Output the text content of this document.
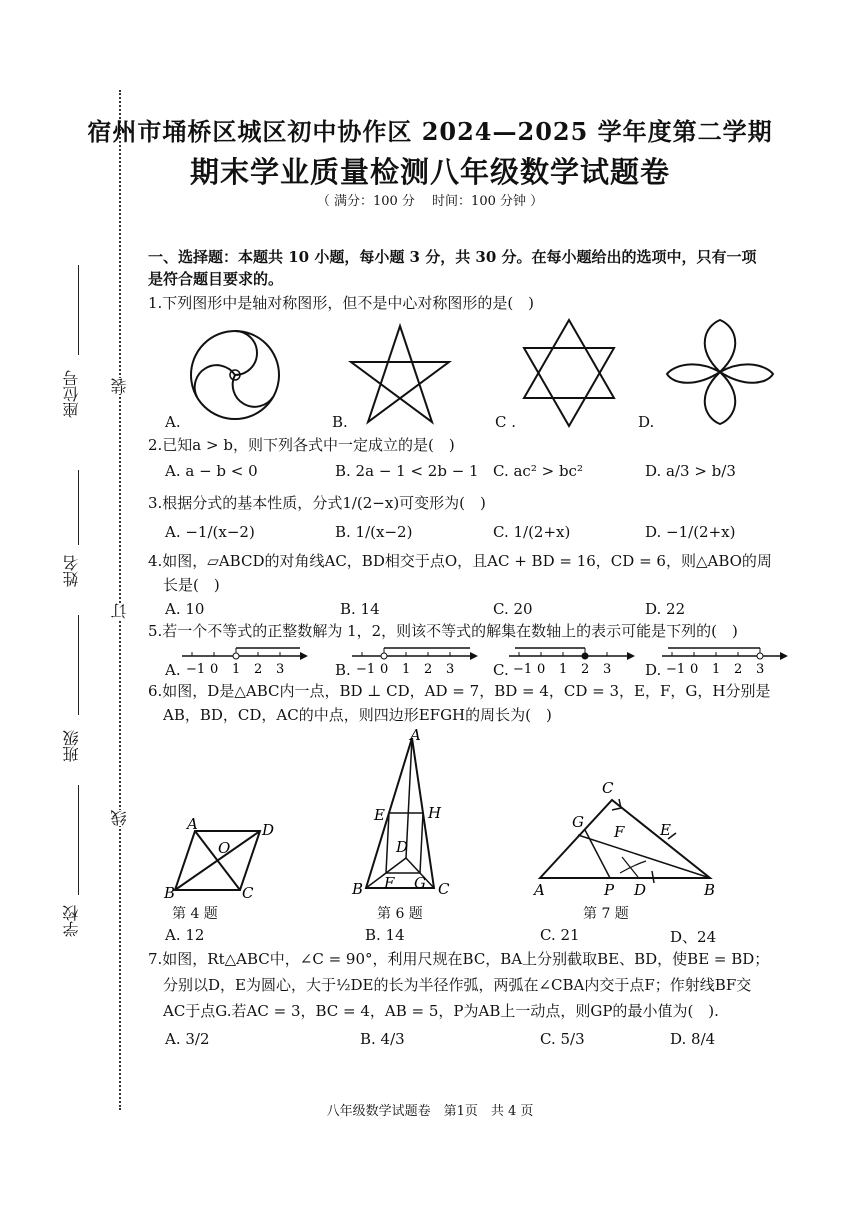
座位号
姓名
班级
学校
装
订
线
宿州市埇桥区城区初中协作区 2024—2025 学年度第二学期
期末学业质量检测八年级数学试题卷
（ 满分：100 分　 时间：100 分钟 ）
一、选择题：本题共 10 小题，每小题 3 分，共 30 分。在每小题给出的选项中，只有一项
是符合题目要求的。
1.下列图形中是轴对称图形，但不是中心对称图形的是(　)
A.	B.	C .	D.
2.已知a > b，则下列各式中一定成立的是(　)
A. a − b < 0	B. 2a − 1 < 2b − 1 C. ac² > bc²	D. a/3 > b/3
3.根据分式的基本性质，分式1/(2−x)可变形为(　)
A. −1/(x−2)	B. 1/(x−2)	C. 1/(2+x)	D. −1/(2+x)
4.如图，▱ABCD的对角线AC，BD相交于点O，且AC + BD = 16，CD = 6，则△ABO的周
长是(　)
A. 10	B. 14	C. 20	D. 22
5.若一个不等式的正整数解为 1，2，则该不等式的解集在数轴上的表示可能是下列的(　)
A. −1 0 1 2 3	B. −1 0 1 2 3	C. −1 0 1 2 3 D. −1 0 1 2 3
6.如图，D是△ABC内一点，BD ⊥ CD，AD = 7，BD = 4，CD = 3，E，F，G，H分别是
AB，BD，CD，AC的中点，则四边形EFGH的周长为(　)
A	D
O
B	C
第 4 题
A
E	H
D
B F G C
第 6 题
C
G
F E
A	P D	B
第 7 题
A. 12	B. 14	C. 21	D、24
7.如图，Rt△ABC中，∠C = 90°，利用尺规在BC，BA上分别截取BE、BD，使BE = BD；
分别以D，E为圆心，大于½DE的长为半径作弧，两弧在∠CBA内交于点F；作射线BF交
AC于点G.若AC = 3，BC = 4，AB = 5，P为AB上一动点，则GP的最小值为(　).
A. 3/2	B. 4/3	C. 5/3	D. 8/4
八年级数学试题卷　第1页　共 4 页
